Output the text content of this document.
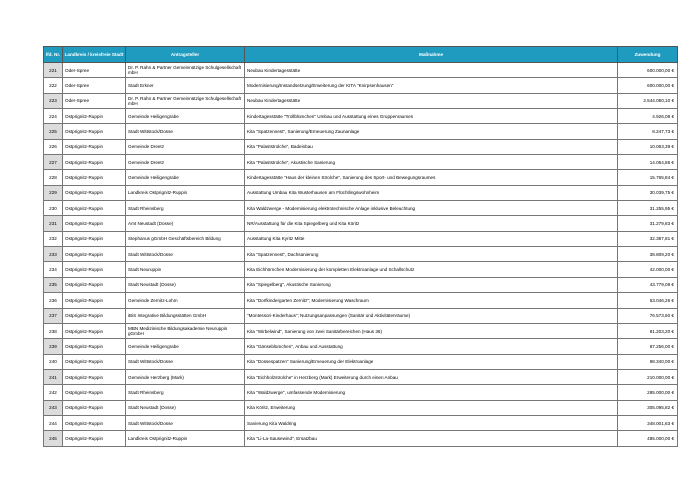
lfd. Nr.	Landkreis / kreisfreie Stadt	Antragsteller	Maßnahme	Zuwendung
221	Oder-Spree	Dr. P. Rahn & Partner Gemeinnützige Schulgesellschaft mbH	Neubau Kindertagesstätte	600.000,00 €
222	Oder-Spree	Stadt Erkner	Modernisierung/Instandsetzung/Erweiterung der KITA "Knirpsenhausen"	600.000,00 €
223	Oder-Spree	Dr. P. Rahn & Partner Gemeinnützige Schulgesellschaft mbH	Neubau Kindertagesstätte	2.544.050,10 €
224	Ostprignitz-Ruppin	Gemeinde Heiligengrabe	Kindertagesstätte "Trollblümchen" Umbau und Ausstattung eines Gruppenraumes	4.926,08 €
225	Ostprignitz-Ruppin	Stadt Wittstock/Dosse	Kita "Spatzennest", Sanierung/Erneuerung Zaunanlage	8.247,73 €
226	Ostprignitz-Ruppin	Gemeinde Dreetz	Kita "Palaststrolche", Badeinbau	10.063,39 €
227	Ostprignitz-Ruppin	Gemeinde Dreetz	Kita "Palaststrolche", Akustische Sanierung	14.054,86 €
228	Ostprignitz-Ruppin	Gemeinde Heiligengrabe	Kindertagesstätte "Haus der kleinen Strolche", Sanierung des Sport- und Bewegungsraumes	15.765,84 €
229	Ostprignitz-Ruppin	Landkreis Ostprignitz-Ruppin	Ausstattung Umbau Kita Wusterhausen am Flüchtlingswohnheim	30.039,75 €
230	Ostprignitz-Ruppin	Stadt Rheinsberg	Kita Waldzwerge - Modernisierung elektrotechnische Anlage inklusive Beleuchtung	31.255,95 €
231	Ostprignitz-Ruppin	Amt Neustadt (Dosse)	NR/Ausstattung für die Kita Spiegelberg und Kita Köritz	31.279,83 €
232	Ostprignitz-Ruppin	Stephanus gGmbH Geschäftsbereich Bildung	Ausstattung Kita Kyritz Mitte	32.387,81 €
233	Ostprignitz-Ruppin	Stadt Wittstock/Dosse	Kita "Spatzennest", Dachsanierung	38.809,20 €
234	Ostprignitz-Ruppin	Stadt Neuruppin	Kita Eichhörnchen Modernisierung der kompletten Elektroanlage und Schallschutz	42.000,00 €
235	Ostprignitz-Ruppin	Stadt Neustadt (Dosse)	Kita "Spiegelberg", Akustische Sanierung	43.779,08 €
236	Ostprignitz-Ruppin	Gemeinde Zernitz-Lohm	Kita "Dorfkindergarten Zernitz"; Modernisierung Waschraum	53.046,26 €
237	Ostprignitz-Ruppin	iBiS Integrative Bildungsstätten GmbH	"Montessori-Kinderhaus"; Nutzungsanpassungen (Sanitär und Aktivitätenräume)	76.573,60 €
238	Ostprignitz-Ruppin	MBN Medizinische Bildungsakademie Neuruppin gGmbH	Kita "Wirbelwind", Sanierung von zwei Sanitärbereichen (Haus 36)	81.203,20 €
239	Ostprignitz-Ruppin	Gemeinde Heiligengrabe	Kita "Gänseblümchen", Anbau und Ausstattung	87.256,00 €
240	Ostprignitz-Ruppin	Stadt Wittstock/Dosse	Kita "Dossespatzen" Sanierung/Erneuerung der Elektroanlage	98.340,00 €
241	Ostprignitz-Ruppin	Gemeinde Herzberg (Mark)	Kita "Eichholzstrolche" in Herzberg (Mark) Erweiterung durch einen Anbau	210.000,00 €
242	Ostprignitz-Ruppin	Stadt Rheinsberg	Kita "Waldzwerge", umfassende Modernisierung	285.000,00 €
243	Ostprignitz-Ruppin	Stadt Neustadt (Dosse)	Kita Köritz, Erweiterung	305.095,82 €
244	Ostprignitz-Ruppin	Stadt Wittstock/Dosse	Sanierung Kita Waldring	348.001,63 €
245	Ostprignitz-Ruppin	Landkreis Ostprignitz-Ruppin	Kita "Li-La-Sausewind", Ersatzbau	485.000,00 €
